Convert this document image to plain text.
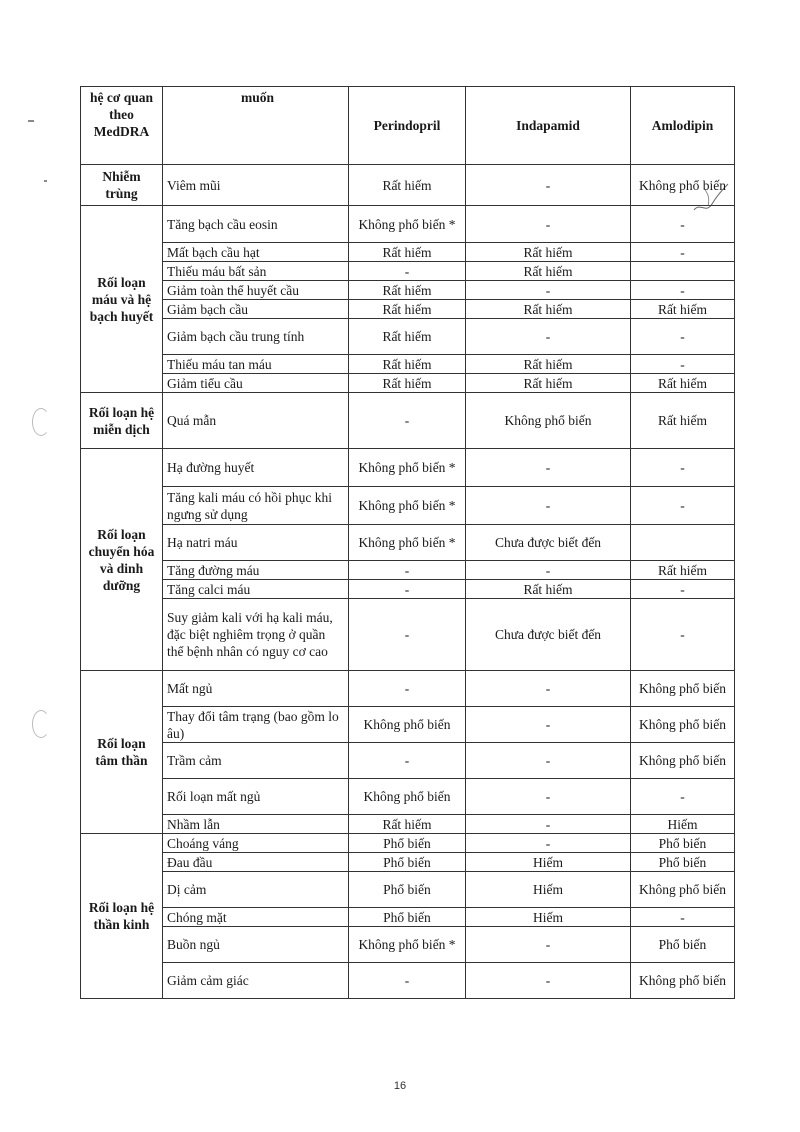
hệ cơ quan theo MedDRA	muốn	Perindopril	Indapamid	Amlodipin
Nhiễm trùng	Viêm mũi	Rất hiếm	-	Không phổ biến
Rối loạn máu và hệ bạch huyết	Tăng bạch cầu eosin	Không phổ biến *	-	-
	Mất bạch cầu hạt	Rất hiếm	Rất hiếm	-
	Thiếu máu bất sản	-	Rất hiếm	
	Giảm toàn thể huyết cầu	Rất hiếm	-	-
	Giảm bạch cầu	Rất hiếm	Rất hiếm	Rất hiếm
	Giảm bạch cầu trung tính	Rất hiếm	-	-
	Thiếu máu tan máu	Rất hiếm	Rất hiếm	-
	Giảm tiểu cầu	Rất hiếm	Rất hiếm	Rất hiếm
Rối loạn hệ miễn dịch	Quá mẫn	-	Không phổ biến	Rất hiếm
Rối loạn chuyển hóa và dinh dưỡng	Hạ đường huyết	Không phổ biến *	-	-
	Tăng kali máu có hồi phục khi ngưng sử dụng	Không phổ biến *	-	-
	Hạ natri máu	Không phổ biến *	Chưa được biết đến	
	Tăng đường máu	-	-	Rất hiếm
	Tăng calci máu	-	Rất hiếm	-
	Suy giảm kali với hạ kali máu, đặc biệt nghiêm trọng ở quần thể bệnh nhân có nguy cơ cao	-	Chưa được biết đến	-
Rối loạn tâm thần	Mất ngủ	-	-	Không phổ biến
	Thay đổi tâm trạng (bao gồm lo âu)	Không phổ biến	-	Không phổ biến
	Trầm cảm	-	-	Không phổ biến
	Rối loạn mất ngủ	Không phổ biến	-	-
	Nhầm lẫn	Rất hiếm	-	Hiếm
Rối loạn hệ thần kinh	Choáng váng	Phổ biến	-	Phổ biến
	Đau đầu	Phổ biến	Hiếm	Phổ biến
	Dị cảm	Phổ biến	Hiếm	Không phổ biến
	Chóng mặt	Phổ biến	Hiếm	-
	Buồn ngủ	Không phổ biến *	-	Phổ biến
	Giảm cảm giác	-	-	Không phổ biến
16
